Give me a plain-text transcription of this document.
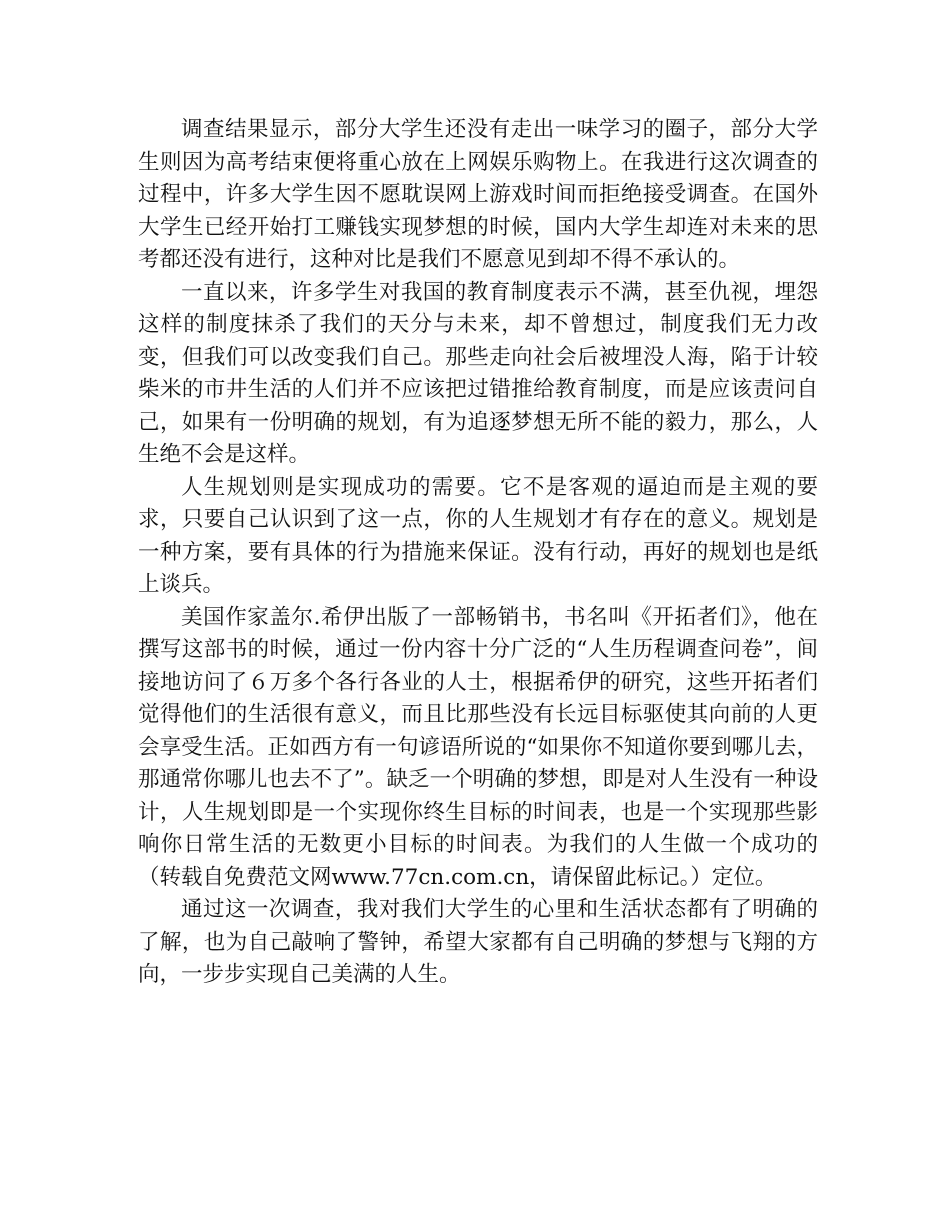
调查结果显示，部分大学生还没有走出一味学习的圈子，部分大学生则因为高考结束便将重心放在上网娱乐购物上。在我进行这次调查的过程中，许多大学生因不愿耽误网上游戏时间而拒绝接受调查。在国外大学生已经开始打工赚钱实现梦想的时候，国内大学生却连对未来的思考都还没有进行，这种对比是我们不愿意见到却不得不承认的。

一直以来，许多学生对我国的教育制度表示不满，甚至仇视，埋怨这样的制度抹杀了我们的天分与未来，却不曾想过，制度我们无力改变，但我们可以改变我们自己。那些走向社会后被埋没人海，陷于计较柴米的市井生活的人们并不应该把过错推给教育制度，而是应该责问自己，如果有一份明确的规划，有为追逐梦想无所不能的毅力，那么，人生绝不会是这样。

人生规划则是实现成功的需要。它不是客观的逼迫而是主观的要求，只要自己认识到了这一点，你的人生规划才有存在的意义。规划是一种方案，要有具体的行为措施来保证。没有行动，再好的规划也是纸上谈兵。

美国作家盖尔.希伊出版了一部畅销书，书名叫《开拓者们》，他在撰写这部书的时候，通过一份内容十分广泛的“人生历程调查问卷”，间接地访问了６万多个各行各业的人士，根据希伊的研究，这些开拓者们觉得他们的生活很有意义，而且比那些没有长远目标驱使其向前的人更会享受生活。正如西方有一句谚语所说的“如果你不知道你要到哪儿去，那通常你哪儿也去不了”。缺乏一个明确的梦想，即是对人生没有一种设计，人生规划即是一个实现你终生目标的时间表，也是一个实现那些影响你日常生活的无数更小目标的时间表。为我们的人生做一个成功的（转载自免费范文网www.77cn.com.cn，请保留此标记。）定位。

通过这一次调查，我对我们大学生的心里和生活状态都有了明确的了解，也为自己敲响了警钟，希望大家都有自己明确的梦想与飞翔的方向，一步步实现自己美满的人生。
